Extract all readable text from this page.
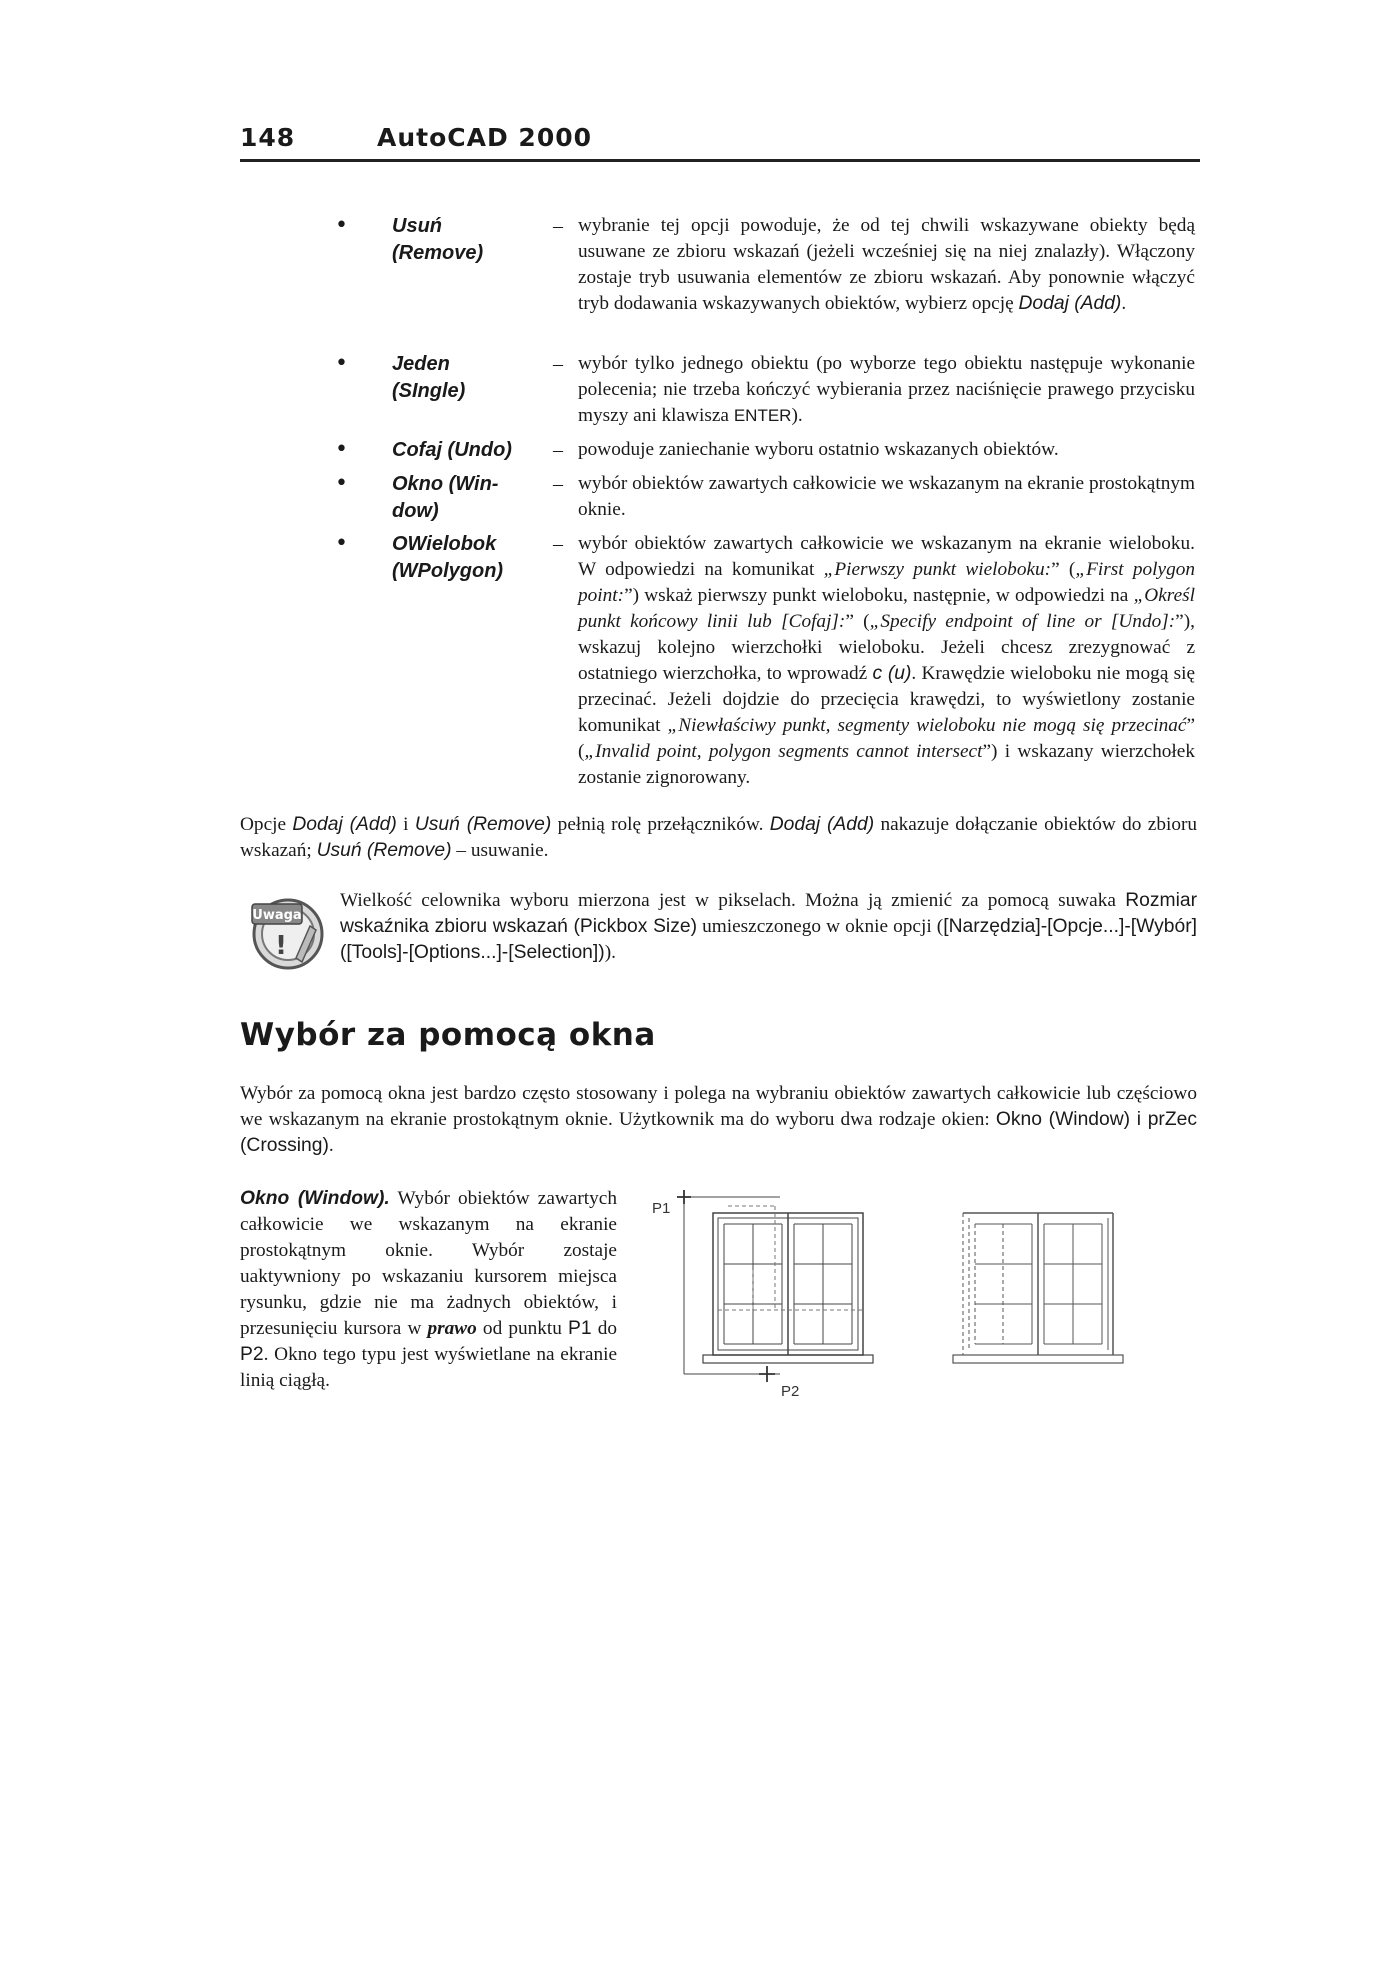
148	AutoCAD 2000
• Usuń
(Remove)
– wybranie tej opcji powoduje, że od tej chwili wskazywane obiekty będą usuwane ze zbioru wskazań (jeżeli wcześniej się na niej znalazły). Włączony zostaje tryb usuwania elementów ze zbioru wskazań. Aby ponownie włączyć tryb dodawania wskazywanych obiektów, wybierz opcję Dodaj (Add).
• Jeden
(SIngle)
– wybór tylko jednego obiektu (po wyborze tego obiektu następuje wykonanie polecenia; nie trzeba kończyć wybierania przez naciśnięcie prawego przycisku myszy ani klawisza ENTER).
• Cofaj (Undo)	– powoduje zaniechanie wyboru ostatnio wskazanych obiektów.
• Okno (Win-
dow)
– wybór obiektów zawartych całkowicie we wskazanym na ekranie prostokątnym oknie.
• OWielobok
(WPolygon)
– wybór obiektów zawartych całkowicie we wskazanym na ekranie wieloboku. W odpowiedzi na komunikat „Pierwszy punkt wieloboku:” („First polygon point:”) wskaż pierwszy punkt wieloboku, następnie, w odpowiedzi na „Określ punkt końcowy linii lub [Cofaj]:” („Specify endpoint of line or [Undo]:”), wskazuj kolejno wierzchołki wieloboku. Jeżeli chcesz zrezygnować z ostatniego wierzchołka, to wprowadź c (u). Krawędzie wieloboku nie mogą się przecinać. Jeżeli dojdzie do przecięcia krawędzi, to wyświetlony zostanie komunikat „Niewłaściwy punkt, segmenty wieloboku nie mogą się przecinać” („Invalid point, polygon segments cannot intersect”) i wskazany wierzchołek zostanie zignorowany.
Opcje Dodaj (Add) i Usuń (Remove) pełnią rolę przełączników. Dodaj (Add) nakazuje dołączanie obiektów do zbioru wskazań; Usuń (Remove) – usuwanie.
Uwaga
!
Wielkość celownika wyboru mierzona jest w pikselach. Można ją zmienić za pomocą suwaka Rozmiar wskaźnika zbioru wskazań (Pickbox Size) umieszczonego w oknie opcji ([Narzędzia]-[Opcje...]-[Wybór] ([Tools]-[Options...]-[Selection])).
Wybór za pomocą okna
Wybór za pomocą okna jest bardzo często stosowany i polega na wybraniu obiektów zawartych całkowicie lub częściowo we wskazanym na ekranie prostokątnym oknie. Użytkownik ma do wyboru dwa rodzaje okien: Okno (Window) i prZec (Crossing).
Okno (Window). Wybór obiektów zawartych całkowicie we wskazanym na ekranie prostokątnym oknie. Wybór zostaje uaktywniony po wskazaniu kursorem miejsca rysunku, gdzie nie ma żadnych obiektów, i przesunięciu kursora w prawo od punktu P1 do P2. Okno tego typu jest wyświetlane na ekranie linią ciągłą.
P1
P2
